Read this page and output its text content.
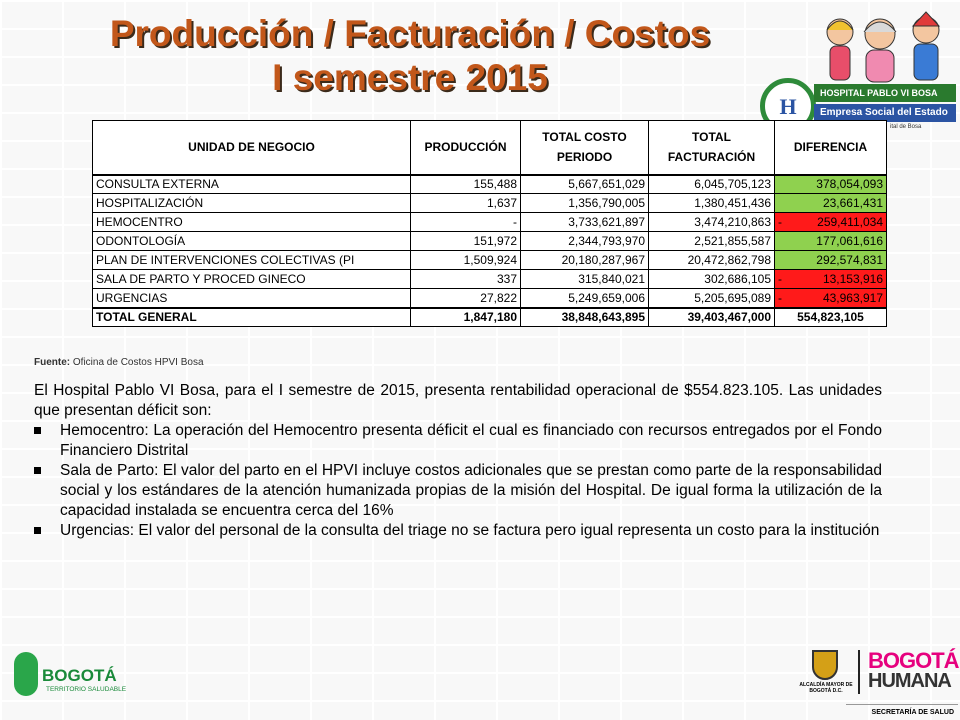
Producción / Facturación / Costos
I semestre 2015
H
HOSPITAL PABLO VI BOSA
Empresa Social del Estado
ital de Bosa
UNIDAD DE NEGOCIO	PRODUCCIÓN	TOTAL COSTO PERIODO	TOTAL FACTURACIÓN	DIFERENCIA
CONSULTA EXTERNA	155,488	5,667,651,029	6,045,705,123	378,054,093
HOSPITALIZACIÓN	1,637	1,356,790,005	1,380,451,436	23,661,431
HEMOCENTRO	-	3,733,621,897	3,474,210,863	- 259,411,034
ODONTOLOGÍA	151,972	2,344,793,970	2,521,855,587	177,061,616
PLAN DE INTERVENCIONES COLECTIVAS (PI	1,509,924	20,180,287,967	20,472,862,798	292,574,831
SALA DE PARTO Y PROCED GINECO	337	315,840,021	302,686,105	- 13,153,916
URGENCIAS	27,822	5,249,659,006	5,205,695,089	- 43,963,917
TOTAL GENERAL	1,847,180	38,848,643,895	39,403,467,000	554,823,105
Fuente: Oficina de Costos HPVI Bosa

El Hospital Pablo VI Bosa, para el I semestre de 2015, presenta rentabilidad operacional de $554.823.105. Las unidades que presentan déficit son:

Hemocentro: La operación del Hemocentro presenta déficit el cual es financiado con recursos entregados por el Fondo Financiero Distrital
Sala de Parto: El valor del parto en el HPVI incluye costos adicionales que se prestan como parte de la responsabilidad social y los estándares de la atención humanizada propias de la misión del Hospital. De igual forma la utilización de la capacidad instalada se encuentra cerca del 16%
Urgencias: El valor del personal de la consulta del triage no se factura pero igual representa un costo para la institución
BOGOTÁ
TERRITORIO SALUDABLE
ALCALDÍA MAYOR DE BOGOTÁ D.C.
BOGOTÁ
HUMANA
SECRETARÍA DE SALUD
